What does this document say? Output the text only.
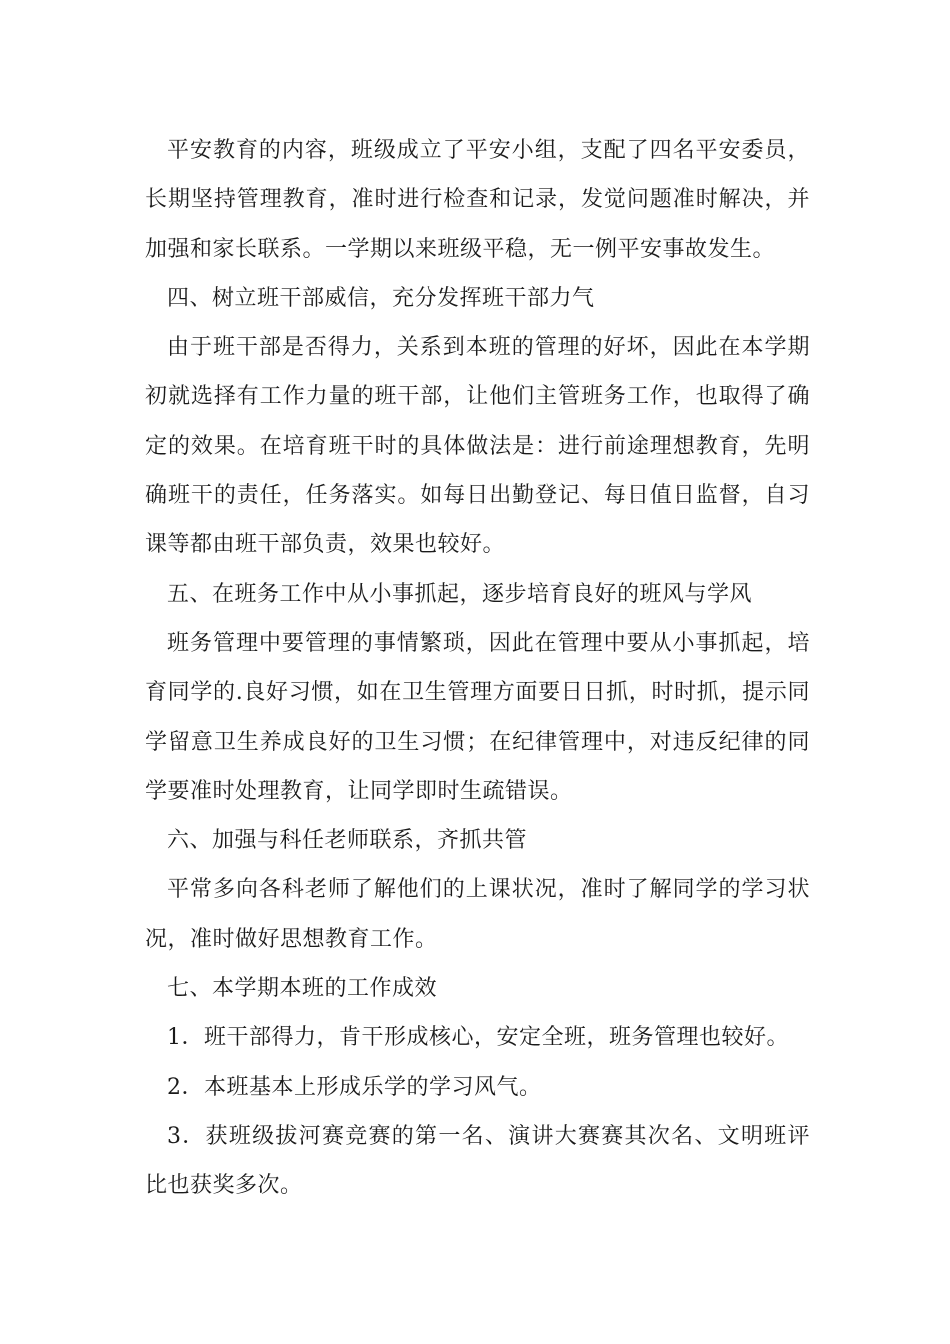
平安教育的内容，班级成立了平安小组，支配了四名平安委员，长期坚持管理教育，准时进行检查和记录，发觉问题准时解决，并加强和家长联系。一学期以来班级平稳，无一例平安事故发生。

四、树立班干部威信，充分发挥班干部力气

由于班干部是否得力，关系到本班的管理的好坏，因此在本学期初就选择有工作力量的班干部，让他们主管班务工作，也取得了确定的效果。在培育班干时的具体做法是：进行前途理想教育，先明确班干的责任，任务落实。如每日出勤登记、每日值日监督，自习课等都由班干部负责，效果也较好。

五、在班务工作中从小事抓起，逐步培育良好的班风与学风

班务管理中要管理的事情繁琐，因此在管理中要从小事抓起，培育同学的.良好习惯，如在卫生管理方面要日日抓，时时抓，提示同学留意卫生养成良好的卫生习惯；在纪律管理中，对违反纪律的同学要准时处理教育，让同学即时生疏错误。

六、加强与科任老师联系，齐抓共管

平常多向各科老师了解他们的上课状况，准时了解同学的学习状况，准时做好思想教育工作。

七、本学期本班的工作成效

1．班干部得力，肯干形成核心，安定全班，班务管理也较好。

2．本班基本上形成乐学的学习风气。

3．获班级拔河赛竞赛的第一名、演讲大赛赛其次名、文明班评比也获奖多次。
